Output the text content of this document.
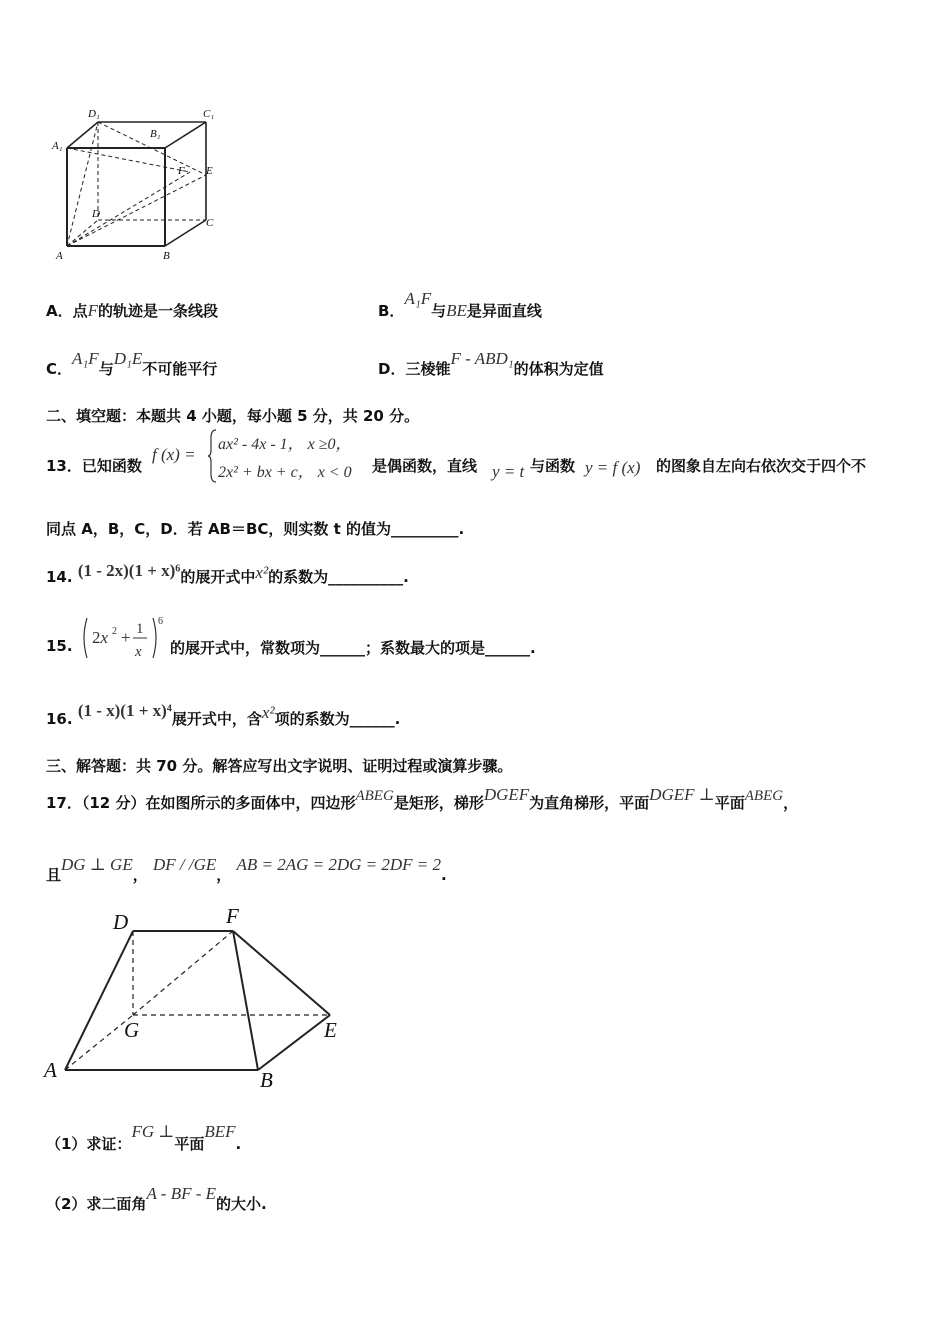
D₁	C₁
B₁
A₁
F E
D
C
A	B
A．点F的轨迹是一条线段	B．A₁F与BE是异面直线
C．A₁F与D₁E不可能平行	D．三棱锥F - ABD₁的体积为定值
二、填空题：本题共 4 小题，每小题 5 分，共 20 分。
13．已知函数
f (x) =
ax² - 4x - 1， x ≥0，
2x² + bx + c， x < 0 是偶函数，直线 y = t 与函数 y = f (x) 的图象自左向右依次交于四个不
同点 A，B，C，D．若 AB＝BC，则实数 t 的值为_________.
14. (1 - 2x)(1 + x)⁶的展开式中x²的系数为__________.
15. 2x 2 + 1
x
6
的展开式中，常数项为______；系数最大的项是______.
16. (1 - x)(1 + x)⁴展开式中，含x²项的系数为______.
三、解答题：共 70 分。解答应写出文字说明、证明过程或演算步骤。
17．（12 分）在如图所示的多面体中，四边形ABEG是矩形，梯形DGEF为直角梯形，平面DGEF ⊥平面ABEG，
且DG ⊥ GE， DF / /GE， AB = 2AG = 2DG = 2DF = 2.
D	F
G	E
A	B
（1）求证：FG ⊥平面BEF.
（2）求二面角A - BF - E的大小.
